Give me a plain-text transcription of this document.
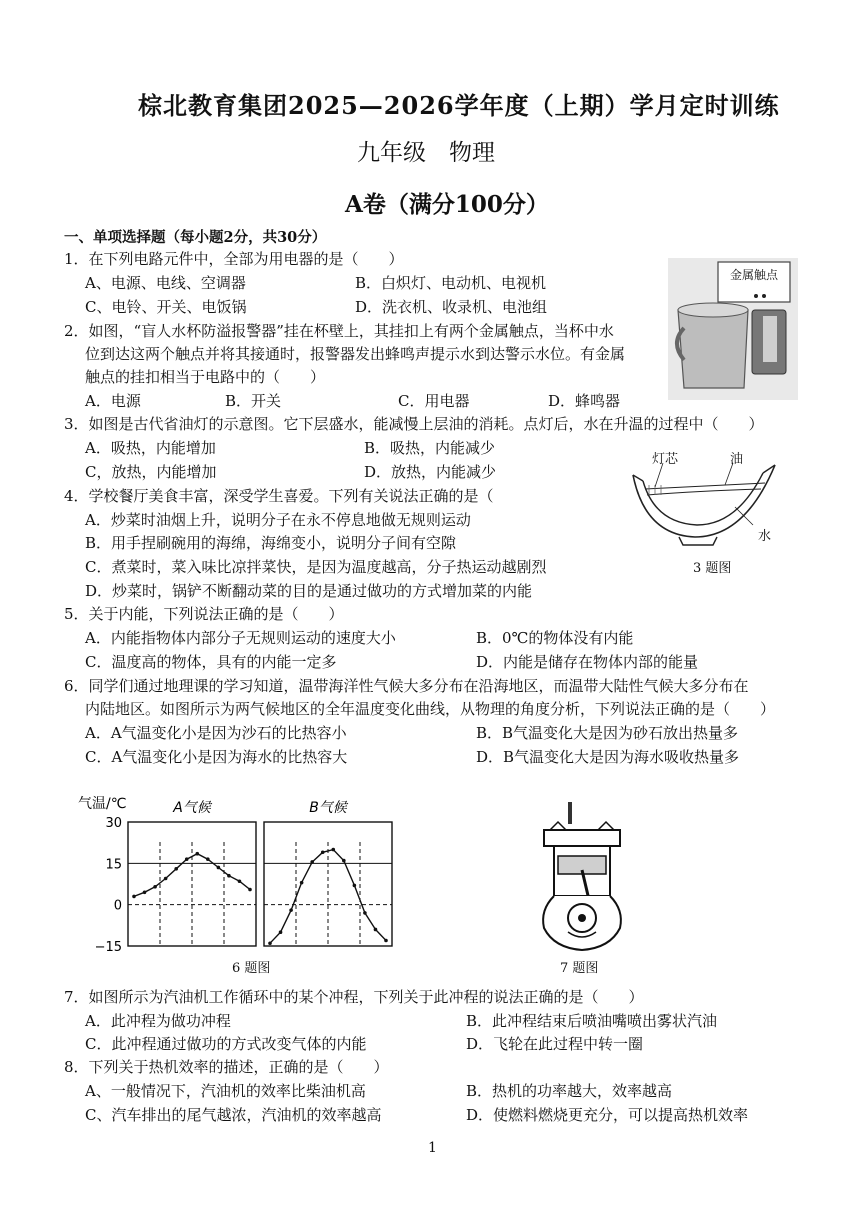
棕北教育集团2025—2026学年度（上期）学月定时训练
九年级　物理
A卷（满分100分）
一、单项选择题（每小题2分，共30分）
1．在下列电路元件中，全部为用电器的是（　　）
A、电源、电线、空调器	B．白炽灯、电动机、电视机
C、电铃、开关、电饭锅	D．洗衣机、收录机、电池组
金属触点
2．如图，“盲人水杯防溢报警器”挂在杯壁上，其挂扣上有两个金属触点，当杯中水
位到达这两个触点并将其接通时，报警器发出蜂鸣声提示水到达警示水位。有金属
触点的挂扣相当于电路中的（　　）
A．电源	B．开关	C．用电器	D．蜂鸣器
3．如图是古代省油灯的示意图。它下层盛水，能减慢上层油的消耗。点灯后，水在升温的过程中（　　）
A．吸热，内能增加	B．吸热，内能减少
C，放热，内能增加	D．放热，内能减少
灯芯	油
水
3 题图
4．学校餐厅美食丰富，深受学生喜爱。下列有关说法正确的是（
A．炒菜时油烟上升，说明分子在永不停息地做无规则运动
B．用手捏刷碗用的海绵，海绵变小，说明分子间有空隙
C．煮菜时，菜入味比凉拌菜快，是因为温度越高，分子热运动越剧烈
D．炒菜时，锅铲不断翻动菜的目的是通过做功的方式增加菜的内能
5．关于内能，下列说法正确的是（　　）
A．内能指物体内部分子无规则运动的速度大小	B．0℃的物体没有内能
C．温度高的物体，具有的内能一定多	D．内能是储存在物体内部的能量
6．同学们通过地理课的学习知道，温带海洋性气候大多分布在沿海地区，而温带大陆性气候大多分布在
内陆地区。如图所示为两气候地区的全年温度变化曲线，从物理的角度分析，下列说法正确的是（　　）
A．A气温变化小是因为沙石的比热容小	B．B气温变化大是因为砂石放出热量多
C．A气温变化小是因为海水的比热容大	D．B气温变化大是因为海水吸收热量多
气温/℃
30
15
0
−15
A气候	B气候
6 题图	7 题图
7．如图所示为汽油机工作循环中的某个冲程，下列关于此冲程的说法正确的是（　　）
A．此冲程为做功冲程	B．此冲程结束后喷油嘴喷出雾状汽油
C．此冲程通过做功的方式改变气体的内能	D．飞轮在此过程中转一圈
8．下列关于热机效率的描述，正确的是（　　）
A、一般情况下，汽油机的效率比柴油机高	B．热机的功率越大，效率越高
C、汽车排出的尾气越浓，汽油机的效率越高	D．使燃料燃烧更充分，可以提高热机效率
1
